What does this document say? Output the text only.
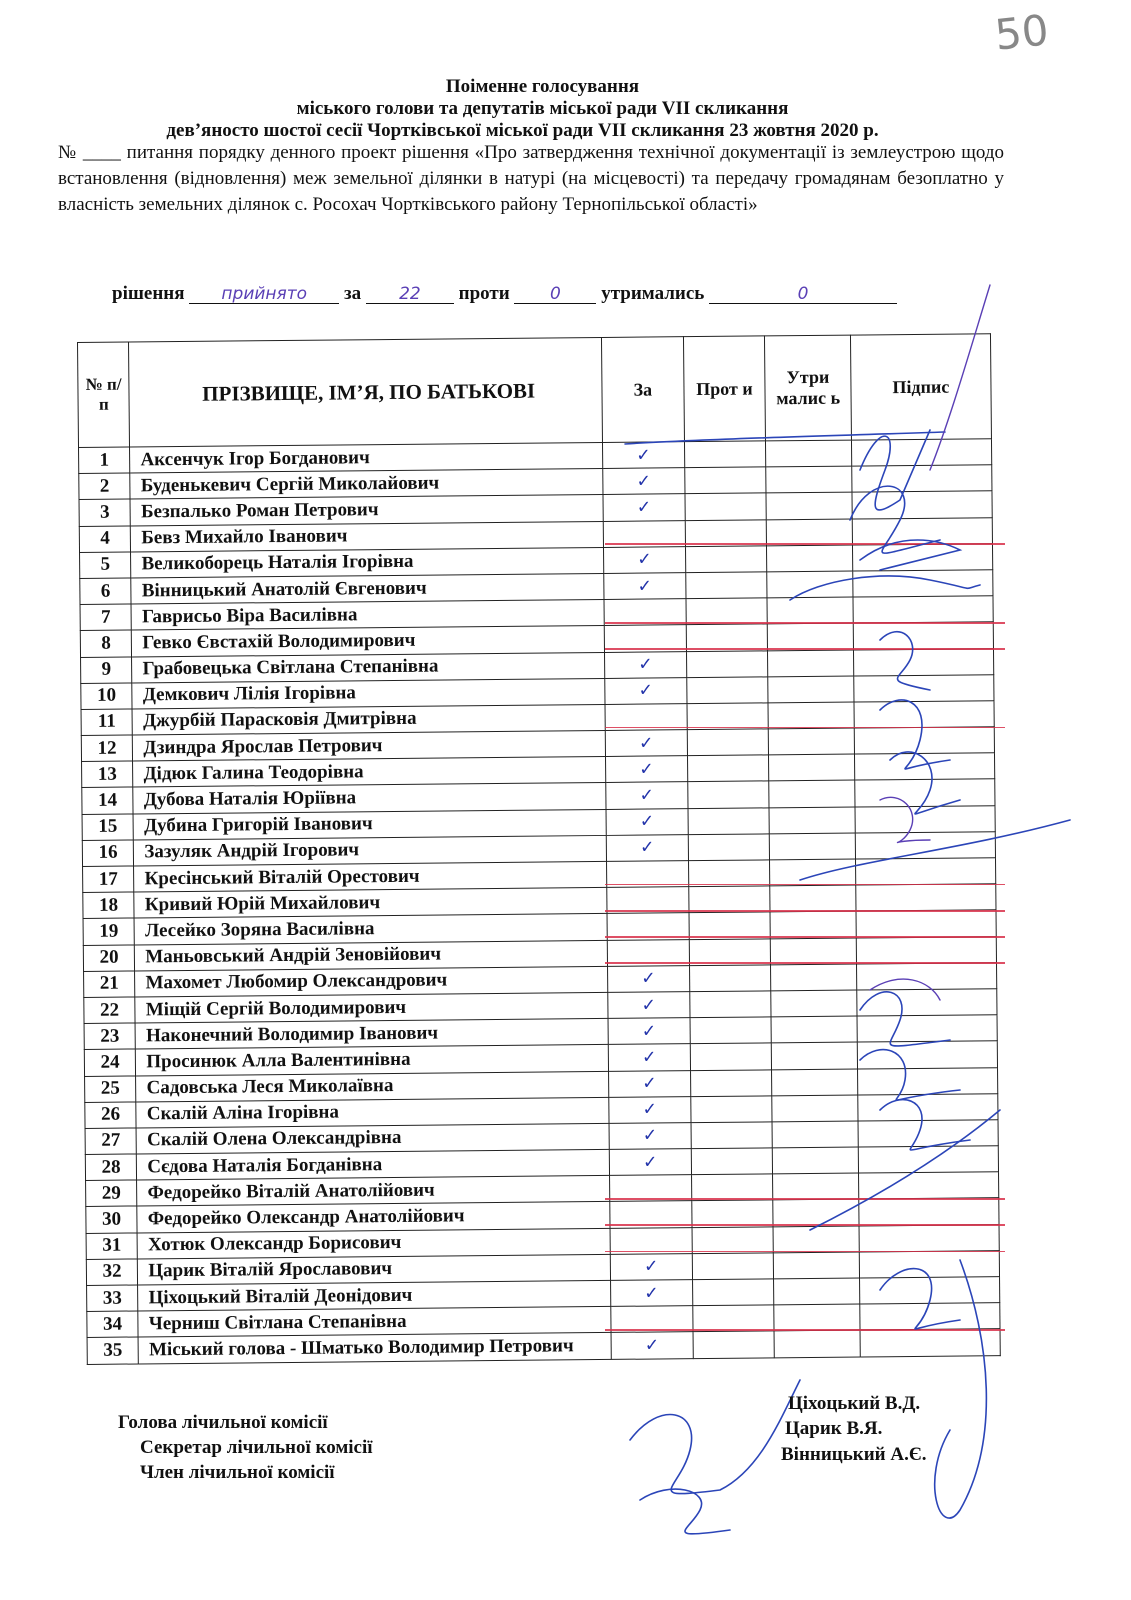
50
Поіменне голосування
міського голови та депутатів міської ради VІІ скликання
дев’яносто шостої сесії Чортківської міської ради VІІ скликання 23 жовтня 2020 р.
№ ____ питання порядку денного проект рішення «Про затвердження технічної документації із землеустрою щодо встановлення (відновлення) меж земельної ділянки в натурі (на місцевості) та передачу громадянам безоплатно у власність земельних ділянок с. Росохач Чортківського району Тернопільської області»
рішення прийнято за 22 проти 0 утримались	0
№ п/п	ПРІЗВИЩЕ, ІМ’Я, ПО БАТЬКОВІ	За	Прот и	Утри малис ь	Підпис
1	Аксенчук Ігор Богданович	✓			
2	Буденькевич Сергій Миколайович	✓			
3	Безпалько Роман Петрович	✓			
4	Бевз Михайло Іванович				
5	Великоборець Наталія Ігорівна	✓			
6	Вінницький Анатолій Євгенович	✓			
7	Гаврисьо Віра Василівна				
8	Гевко Євстахій Володимирович				
9	Грабовецька Світлана Степанівна	✓			
10	Демкович Лілія Ігорівна	✓			
11	Джурбій Парасковія Дмитрівна				
12	Дзиндра Ярослав Петрович	✓			
13	Дідюк Галина Теодорівна	✓			
14	Дубова Наталія Юріївна	✓			
15	Дубина Григорій Іванович	✓			
16	Зазуляк Андрій Ігорович	✓			
17	Кресінський Віталій Орестович				
18	Кривий Юрій Михайлович				
19	Лесейко Зоряна Василівна				
20	Маньовський Андрій Зеновійович				
21	Махомет Любомир Олександрович	✓			
22	Міщій Сергій Володимирович	✓			
23	Наконечний Володимир Іванович	✓			
24	Просинюк Алла Валентинівна	✓			
25	Садовська Леся Миколаївна	✓			
26	Скалій Аліна Ігорівна	✓			
27	Скалій Олена Олександрівна	✓			
28	Сєдова Наталія Богданівна	✓			
29	Федорейко Віталій Анатолійович				
30	Федорейко Олександр Анатолійович				
31	Хотюк Олександр Борисович				
32	Царик Віталій Ярославович	✓			
33	Ціхоцький Віталій Деонідович	✓			
34	Черниш Світлана Степанівна				
35	Міський голова - Шматько Володимир Петрович	✓			
Голова лічильної комісії
Секретар лічильної комісії
Член лічильної комісії
Ціхоцький В.Д.
Царик В.Я.
Вінницький А.Є.
